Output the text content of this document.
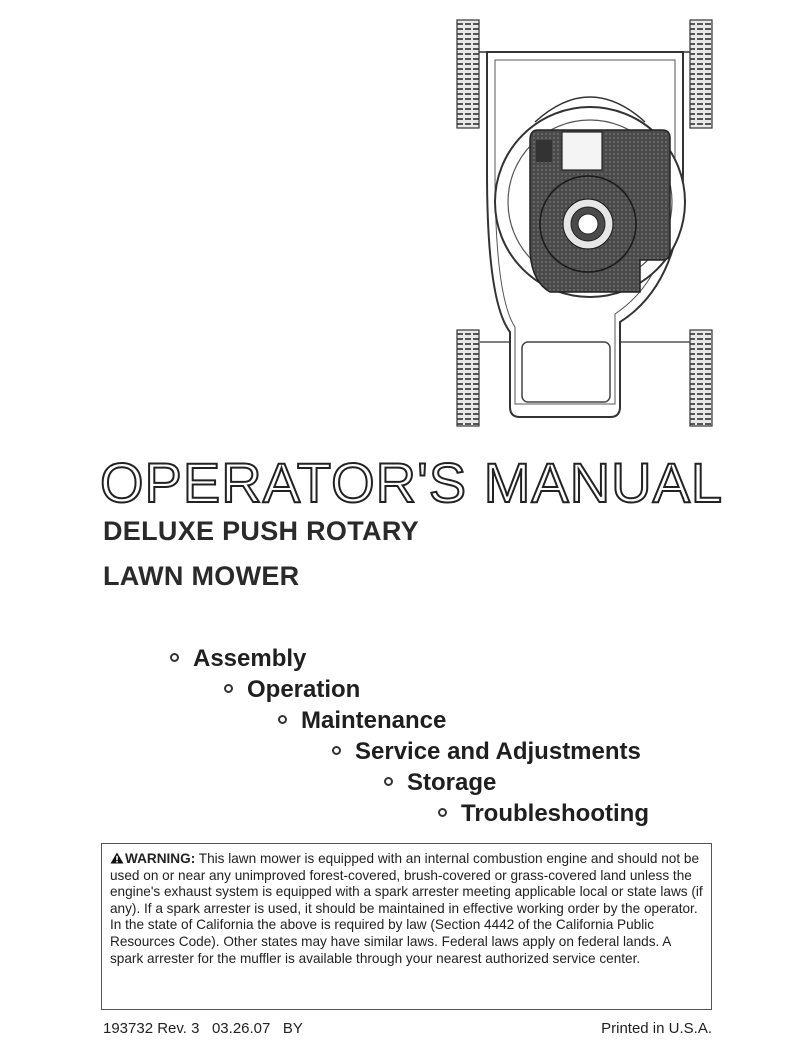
OPERATOR'S MANUAL
DELUXE PUSH ROTARY
LAWN MOWER
Assembly
Operation
Maintenance
Service and Adjustments
Storage
Troubleshooting

WARNING: This lawn mower is equipped with an internal combustion engine and should not be used on or near any unimproved forest-covered, brush-covered or grass-covered land unless the engine's exhaust system is equipped with a spark arrester meeting applicable local or state laws (if any). If a spark arrester is used, it should be maintained in effective working order by the operator.

In the state of California the above is required by law (Section 4442 of the California Public Resources Code). Other states may have similar laws. Federal laws apply on federal lands. A spark arrester for the muffler is available through your nearest authorized service center.

193732 Rev. 3   03.26.07   BY	Printed in U.S.A.
